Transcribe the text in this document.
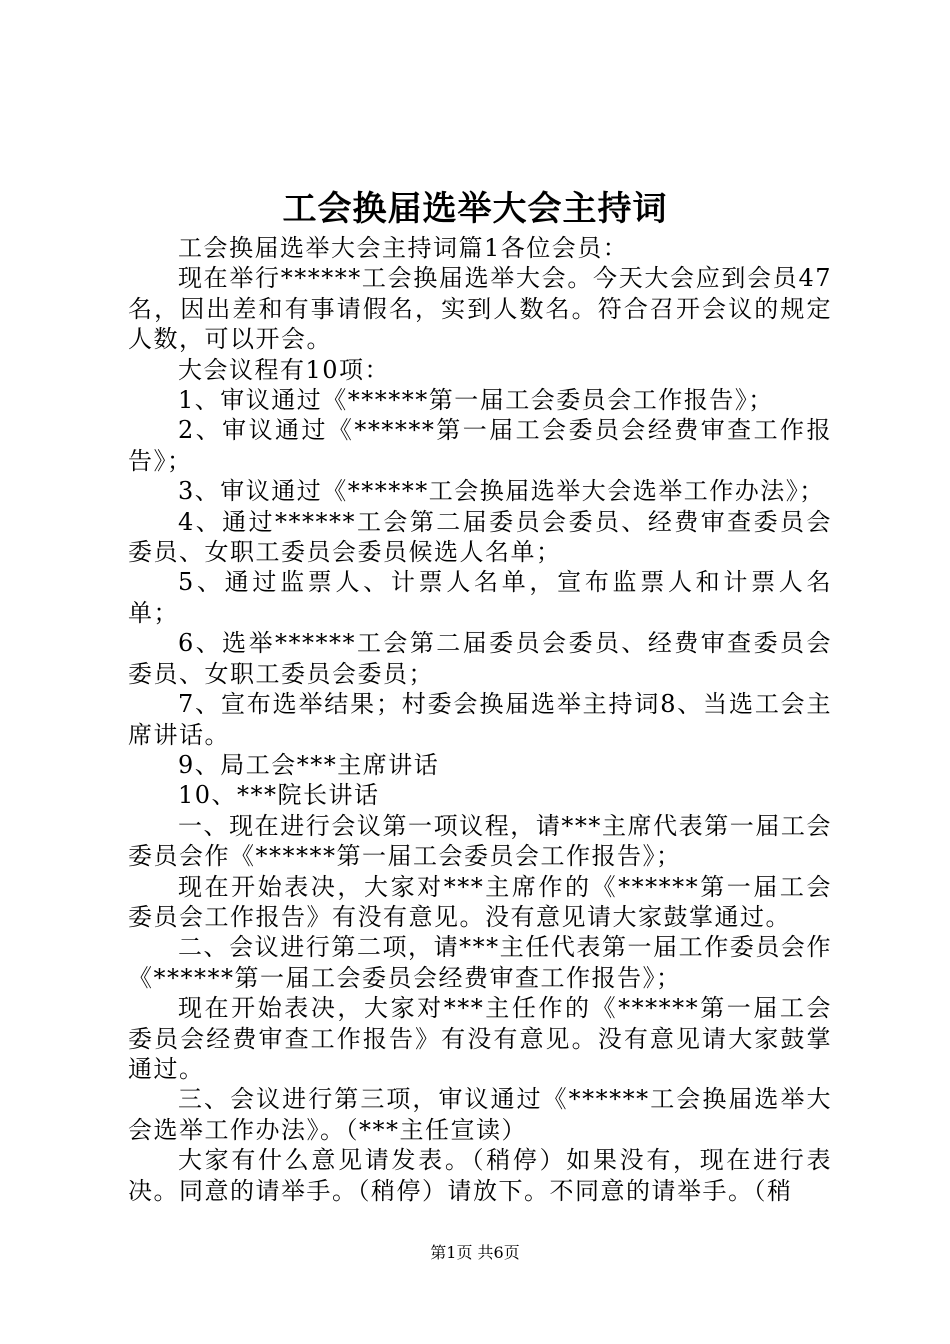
工会换届选举大会主持词

工会换届选举大会主持词篇1各位会员：

现在举行******工会换届选举大会。今天大会应到会员47名，因出差和有事请假名，实到人数名。符合召开会议的规定人数，可以开会。

大会议程有10项：

1、审议通过《******第一届工会委员会工作报告》；

2、审议通过《******第一届工会委员会经费审查工作报告》；

3、审议通过《******工会换届选举大会选举工作办法》；

4、通过******工会第二届委员会委员、经费审查委员会委员、女职工委员会委员候选人名单；

5、通过监票人、计票人名单，宣布监票人和计票人名单；

6、选举******工会第二届委员会委员、经费审查委员会委员、女职工委员会委员；

7、宣布选举结果；村委会换届选举主持词8、当选工会主席讲话。

9、局工会***主席讲话

10、***院长讲话

一、现在进行会议第一项议程，请***主席代表第一届工会委员会作《******第一届工会委员会工作报告》；

现在开始表决，大家对***主席作的《******第一届工会委员会工作报告》有没有意见。没有意见请大家鼓掌通过。

二、会议进行第二项，请***主任代表第一届工作委员会作《******第一届工会委员会经费审查工作报告》；

现在开始表决，大家对***主任作的《******第一届工会委员会经费审查工作报告》有没有意见。没有意见请大家鼓掌通过。

三、会议进行第三项，审议通过《******工会换届选举大会选举工作办法》。（***主任宣读）

大家有什么意见请发表。（稍停）如果没有，现在进行表决。同意的请举手。（稍停）请放下。不同意的请举手。（稍

第1页 共6页
